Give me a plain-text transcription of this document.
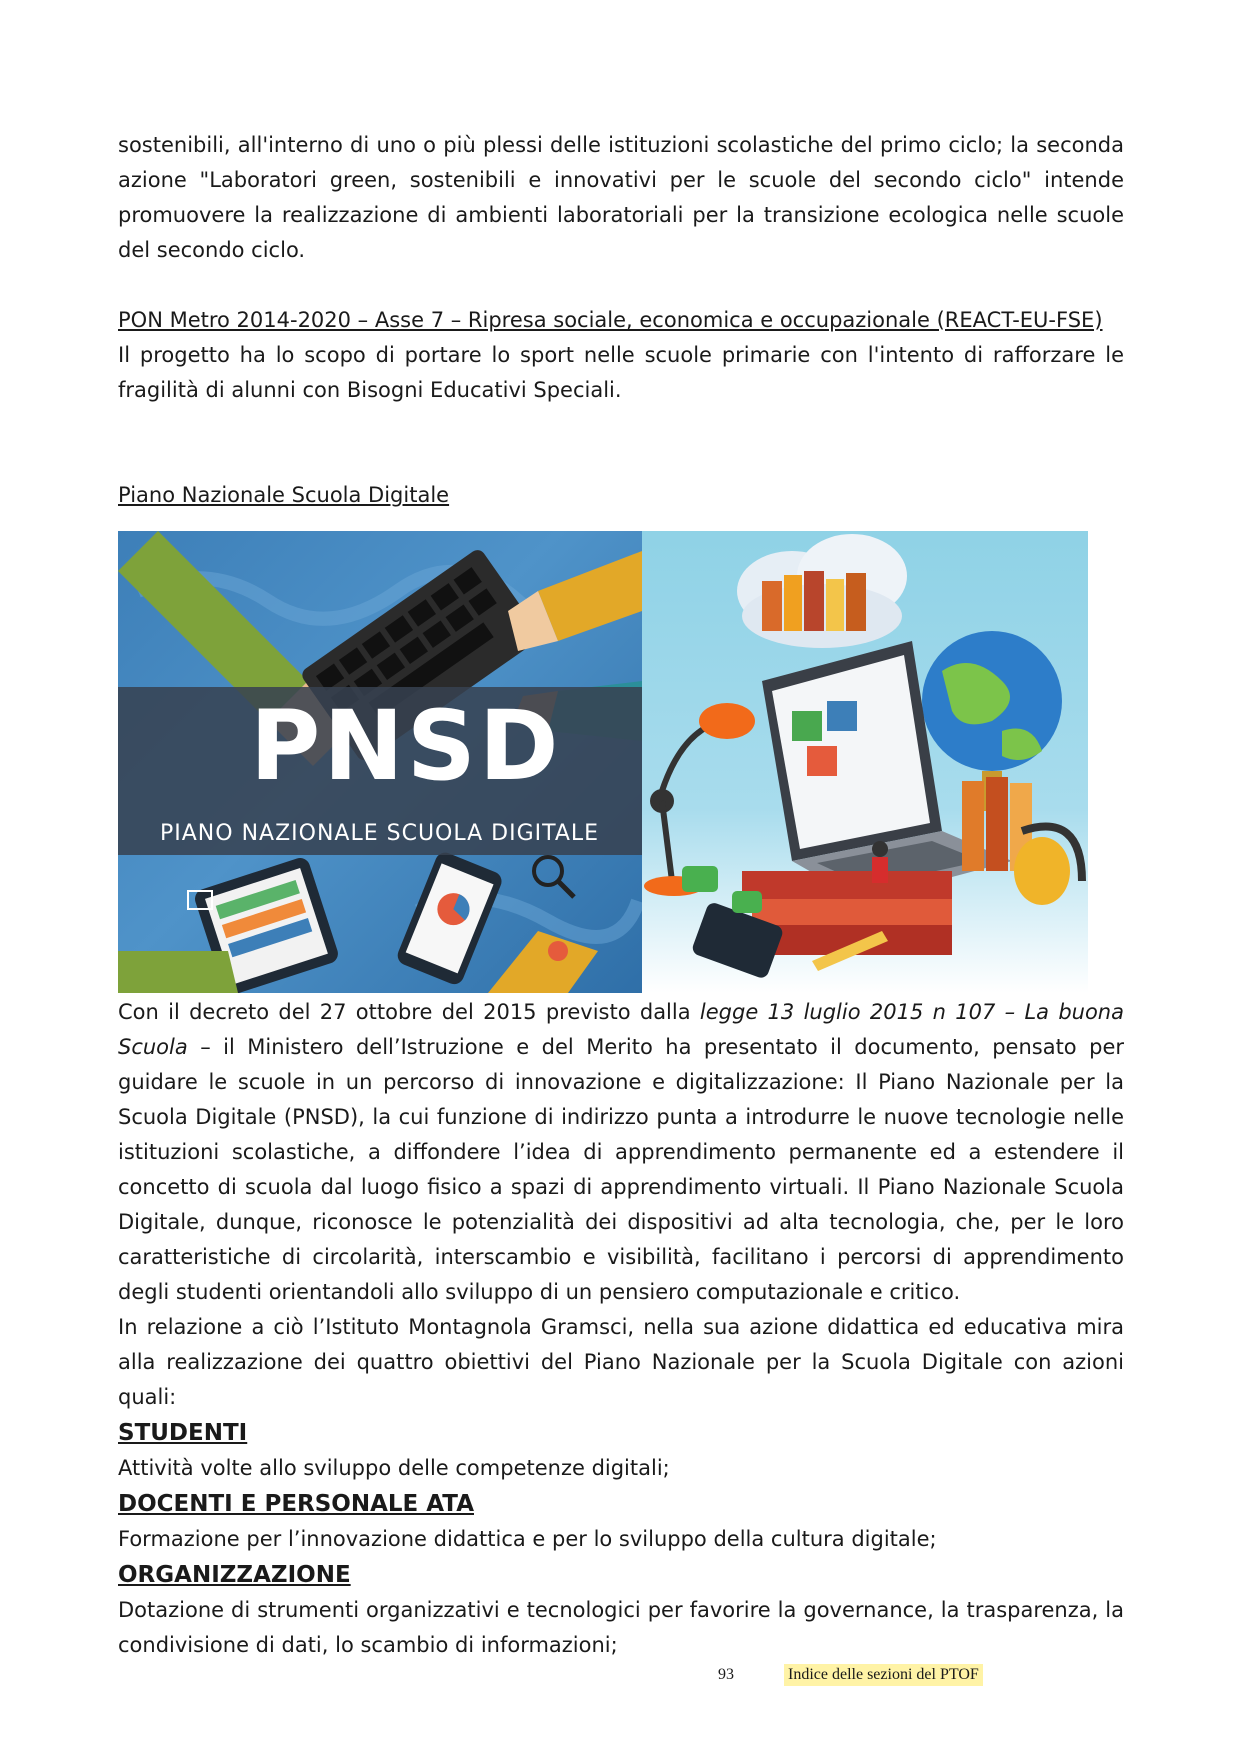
sostenibili, all'interno di uno o più plessi delle istituzioni scolastiche del primo ciclo; la seconda azione "Laboratori green, sostenibili e innovativi per le scuole del secondo ciclo" intende promuovere la realizzazione di ambienti laboratoriali per la transizione ecologica nelle scuole del secondo ciclo.

PON Metro 2014-2020 – Asse 7 – Ripresa sociale, economica e occupazionale (REACT-EU-FSE)

Il progetto ha lo scopo di portare lo sport nelle scuole primarie con l'intento di rafforzare le fragilità di alunni con Bisogni Educativi Speciali.

Piano Nazionale Scuola Digitale
PNSD
PIANO NAZIONALE SCUOLA DIGITALE

Con il decreto del 27 ottobre del 2015 previsto dalla legge 13 luglio 2015 n 107 – La buona Scuola – il Ministero dell’Istruzione e del Merito ha presentato il documento, pensato per guidare le scuole in un percorso di innovazione e digitalizzazione: Il Piano Nazionale per la Scuola Digitale (PNSD), la cui funzione di indirizzo punta a introdurre le nuove tecnologie nelle istituzioni scolastiche, a diffondere l’idea di apprendimento permanente ed a estendere il concetto di scuola dal luogo fisico a spazi di apprendimento virtuali. Il Piano Nazionale Scuola Digitale, dunque, riconosce le potenzialità dei dispositivi ad alta tecnologia, che, per le loro caratteristiche di circolarità, interscambio e visibilità, facilitano i percorsi di apprendimento degli studenti orientandoli allo sviluppo di un pensiero computazionale e critico.

In relazione a ciò l’Istituto Montagnola Gramsci, nella sua azione didattica ed educativa mira alla realizzazione dei quattro obiettivi del Piano Nazionale per la Scuola Digitale con azioni quali:

STUDENTI

Attività volte allo sviluppo delle competenze digitali;

DOCENTI E PERSONALE ATA

Formazione per l’innovazione didattica e per lo sviluppo della cultura digitale;

ORGANIZZAZIONE

Dotazione di strumenti organizzativi e tecnologici per favorire la governance, la trasparenza, la condivisione di dati, lo scambio di informazioni;

93	Indice delle sezioni del PTOF
